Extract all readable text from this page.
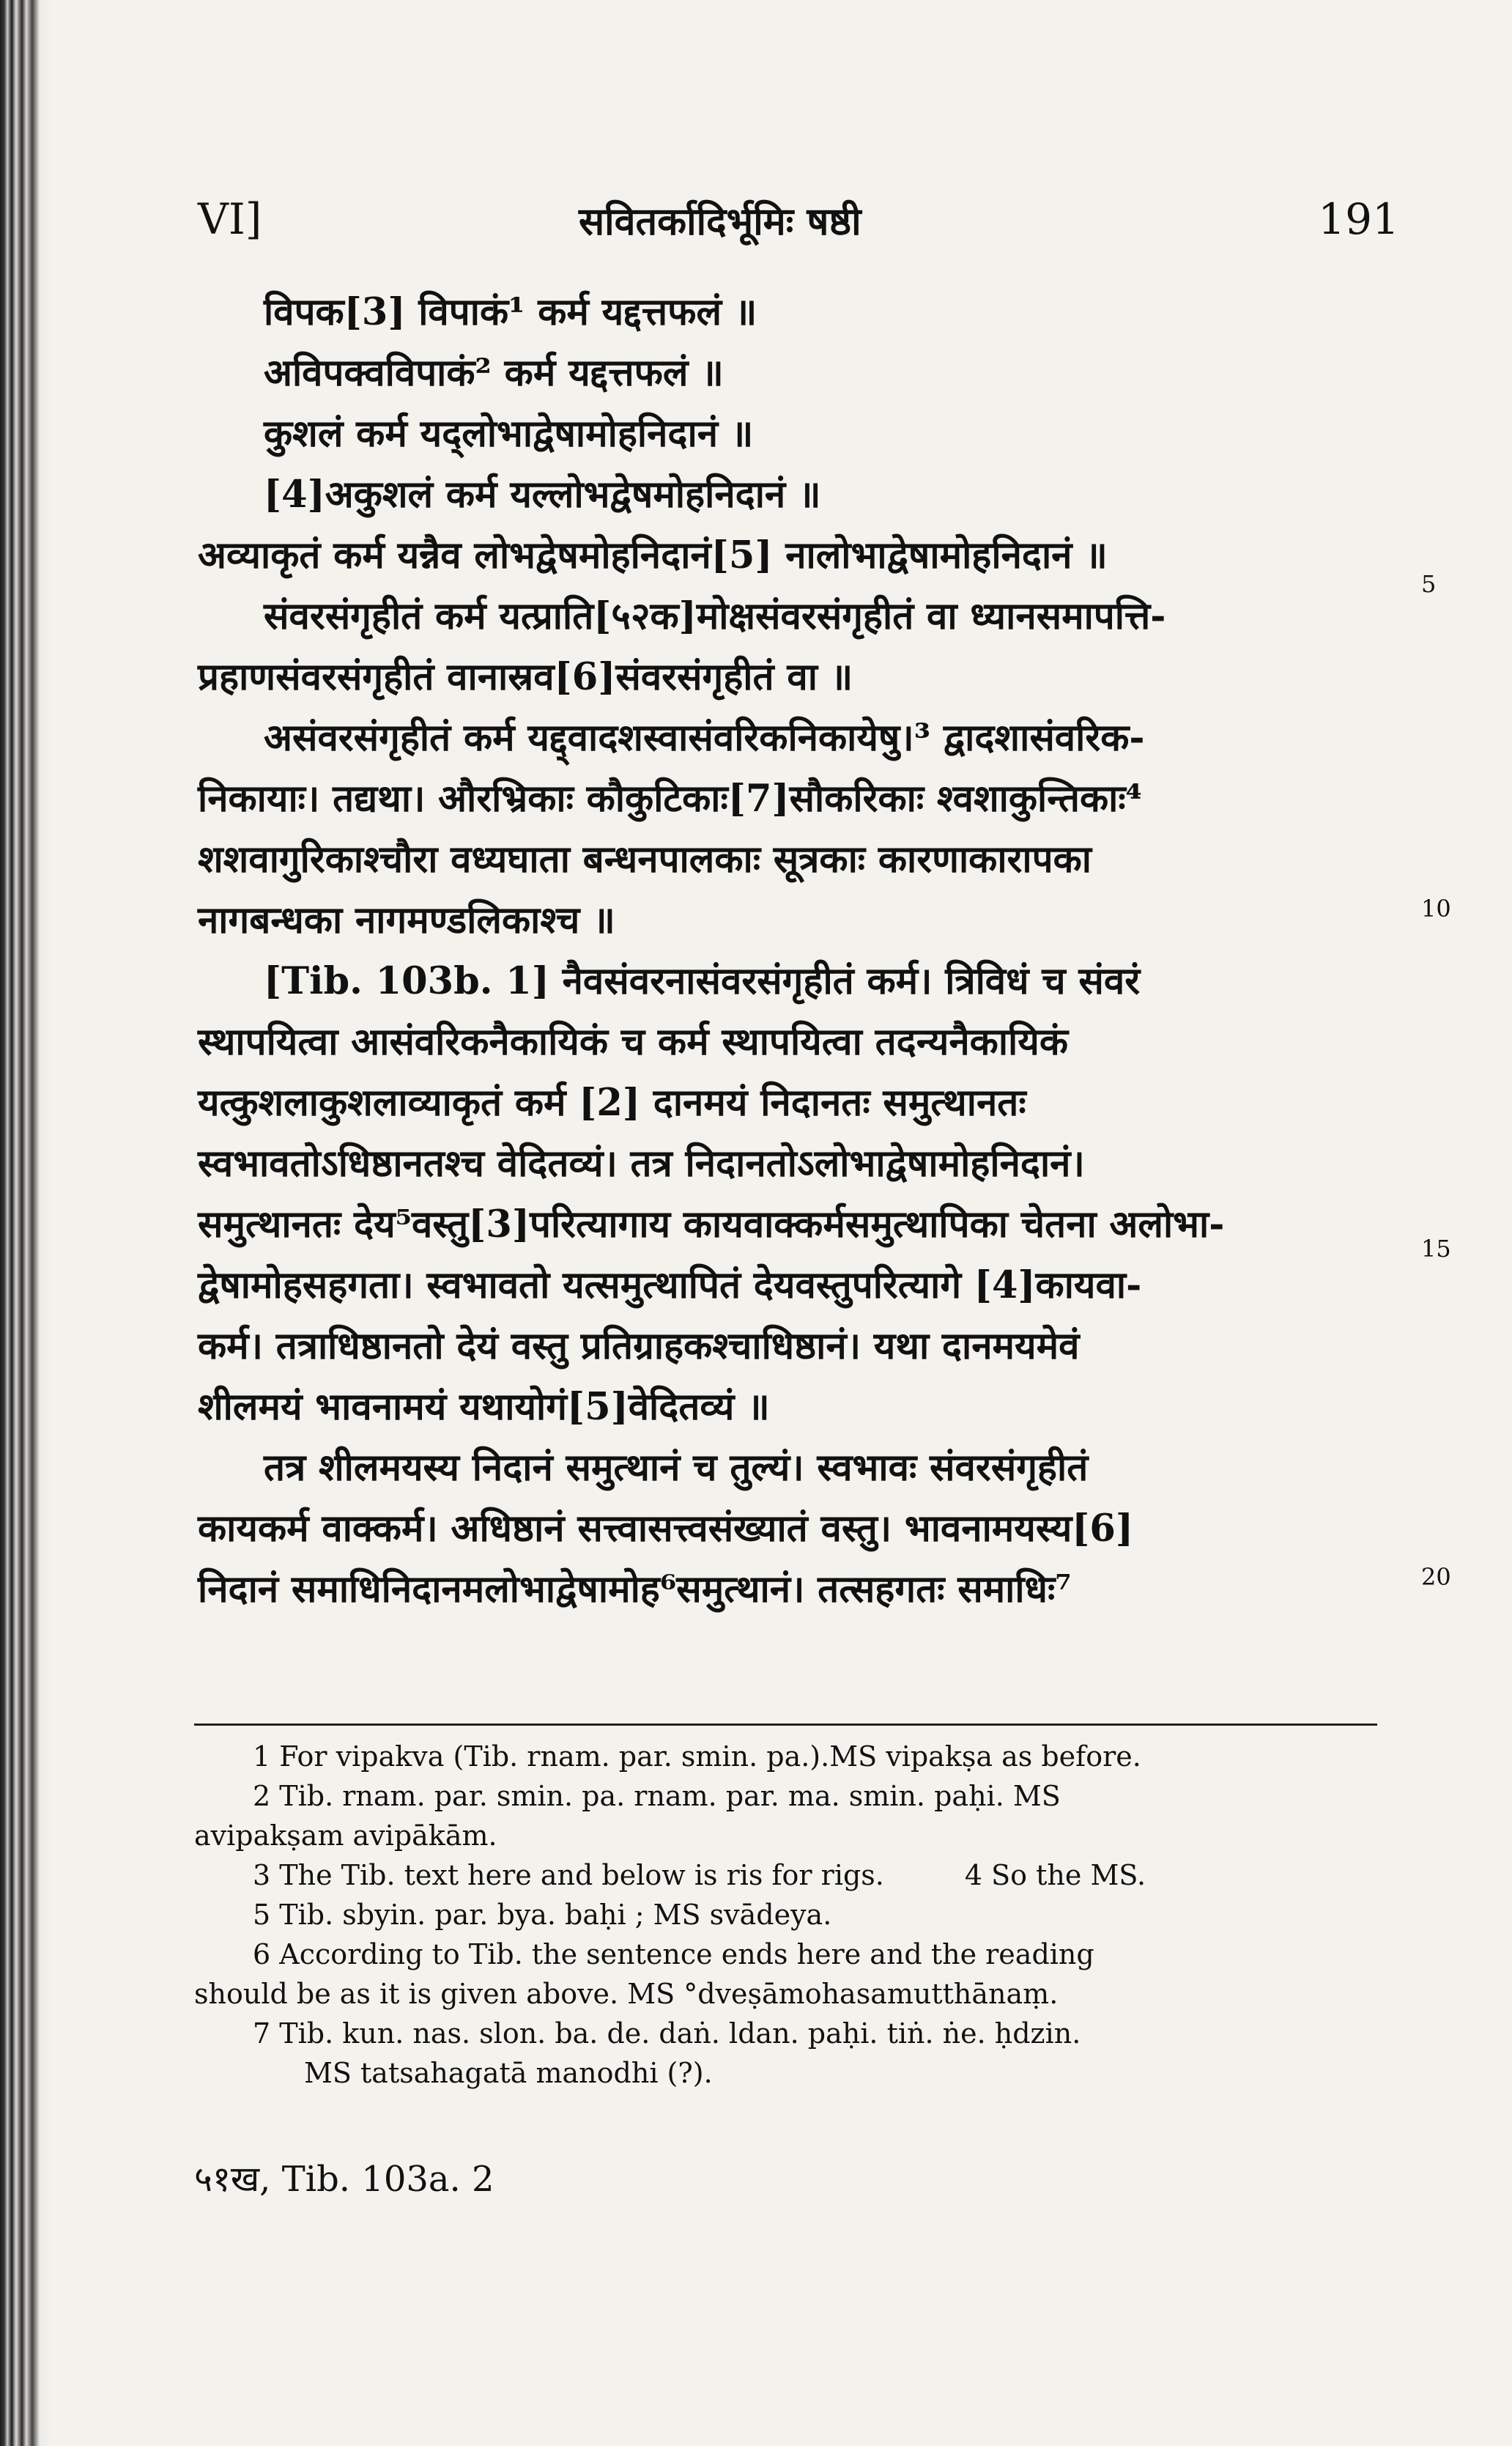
VI]	सवितर्कादिर्भूमिः षष्ठी	191
विपक[3] विपाकं¹ कर्म यद्दत्तफलं ॥
अविपक्वविपाकं² कर्म यद्दत्तफलं ॥
कुशलं कर्म यद्लोभाद्वेषामोहनिदानं ॥
[4]अकुशलं कर्म यल्लोभद्वेषमोहनिदानं ॥
अव्याकृतं कर्म यन्नैव लोभद्वेषमोहनिदानं[5] नालोभाद्वेषामोहनिदानं ॥
संवरसंगृहीतं कर्म यत्प्राति[५२क]मोक्षसंवरसंगृहीतं वा ध्यानसमापत्ति-
प्रहाणसंवरसंगृहीतं वानास्रव[6]संवरसंगृहीतं वा ॥
असंवरसंगृहीतं कर्म यद्द्वादशस्वासंवरिकनिकायेषु।³ द्वादशासंवरिक-
निकायाः। तद्यथा। औरभ्रिकाः कौकुटिकाः[7]सौकरिकाः श्वशाकुन्तिकाः⁴
शशवागुरिकाश्चौरा वध्यघाता बन्धनपालकाः सूत्रकाः कारणाकारापका
नागबन्धका नागमण्डलिकाश्च ॥
[Tib. 103b. 1] नैवसंवरनासंवरसंगृहीतं कर्म। त्रिविधं च संवरं
स्थापयित्वा आसंवरिकनैकायिकं च कर्म स्थापयित्वा तदन्यनैकायिकं
यत्कुशलाकुशलाव्याकृतं कर्म [2] दानमयं निदानतः समुत्थानतः
स्वभावतोऽधिष्ठानतश्च वेदितव्यं। तत्र निदानतोऽलोभाद्वेषामोहनिदानं।
समुत्थानतः देय⁵वस्तु[3]परित्यागाय कायवाक्कर्मसमुत्थापिका चेतना अलोभा-
द्वेषामोहसहगता। स्वभावतो यत्समुत्थापितं देयवस्तुपरित्यागे [4]कायवा-
कर्म। तत्राधिष्ठानतो देयं वस्तु प्रतिग्राहकश्चाधिष्ठानं। यथा दानमयमेवं
शीलमयं भावनामयं यथायोगं[5]वेदितव्यं ॥
तत्र शीलमयस्य निदानं समुत्थानं च तुल्यं। स्वभावः संवरसंगृहीतं
कायकर्म वाक्कर्म। अधिष्ठानं सत्त्वासत्त्वसंख्यातं वस्तु। भावनामयस्य[6]
निदानं समाधिनिदानमलोभाद्वेषामोह⁶समुत्थानं। तत्सहगतः समाधिः⁷
5
10
15
20
1 For vipakva (Tib. rnam. par. smin. pa.).MS vipakṣa as before.
2 Tib. rnam. par. smin. pa. rnam. par. ma. smin. paḥi. MS
avipakṣam avipākām.
3 The Tib. text here and below is ris for rigs.	4 So the MS.
5 Tib. sbyin. par. bya. baḥi ; MS svādeya.
6 According to Tib. the sentence ends here and the reading
should be as it is given above. MS °dveṣāmohasamutthānaṃ.
7 Tib. kun. nas. slon. ba. de. daṅ. ldan. paḥi. tiṅ. ṅe. ḥdzin.
MS tatsahagatā manodhi (?).
५१ख, Tib. 103a. 2
